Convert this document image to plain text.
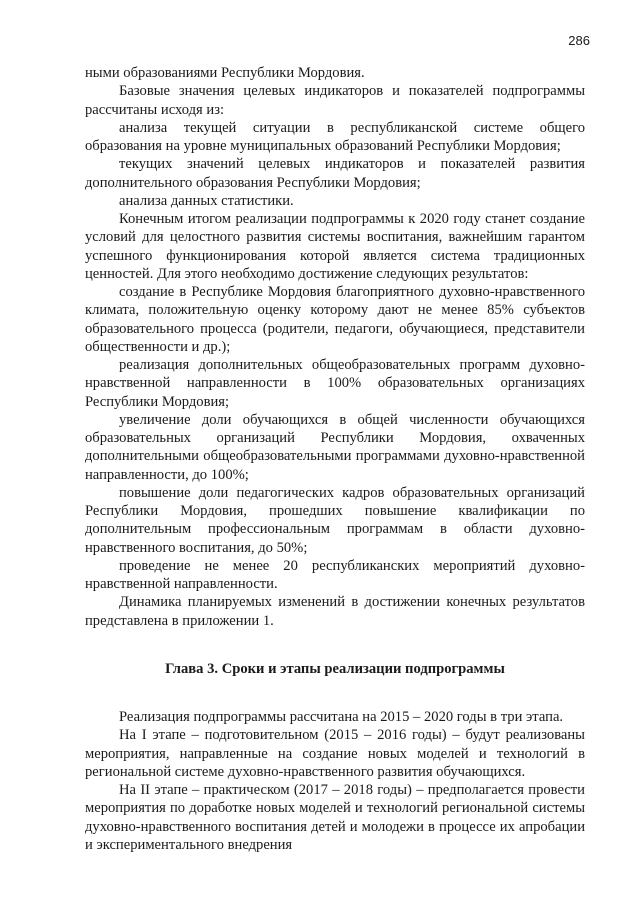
286

ными образованиями Республики Мордовия.

Базовые значения целевых индикаторов и показателей подпрограммы рассчитаны исходя из:

анализа текущей ситуации в республиканской системе общего образования на уровне муниципальных образований Республики Мордовия;

текущих значений целевых индикаторов и показателей развития дополнительного образования Республики Мордовия;

анализа данных статистики.

Конечным итогом реализации подпрограммы к 2020 году станет создание условий для целостного развития системы воспитания, важнейшим гарантом успешного функционирования которой является система традиционных ценностей. Для этого необходимо достижение следующих результатов:

создание в Республике Мордовия благоприятного духовно-нравственного климата, положительную оценку которому дают не менее 85% субъектов образовательного процесса (родители, педагоги, обучающиеся, представители общественности и др.);

реализация дополнительных общеобразовательных программ духовно-нравственной направленности в 100% образовательных организациях Республики Мордовия;

увеличение доли обучающихся в общей численности обучающихся образовательных организаций Республики Мордовия, охваченных дополнительными общеобразовательными программами духовно-нравственной направленности, до 100%;

повышение доли педагогических кадров образовательных организаций Республики Мордовия, прошедших повышение квалификации по дополнительным профессиональным программам в области духовно-нравственного воспитания, до 50%;

проведение не менее 20 республиканских мероприятий духовно-нравственной направленности.

Динамика планируемых изменений в достижении конечных результатов представлена в приложении 1.

Глава 3. Сроки и этапы реализации подпрограммы

Реализация подпрограммы рассчитана на 2015 – 2020 годы в три этапа.

На I этапе – подготовительном (2015 – 2016 годы) – будут реализованы мероприятия, направленные на создание новых моделей и технологий в региональной системе духовно-нравственного развития обучающихся.

На II этапе – практическом (2017 – 2018 годы) – предполагается провести мероприятия по доработке новых моделей и технологий региональной системы духовно-нравственного воспитания детей и молодежи в процессе их апробации и экспериментального внедрения
